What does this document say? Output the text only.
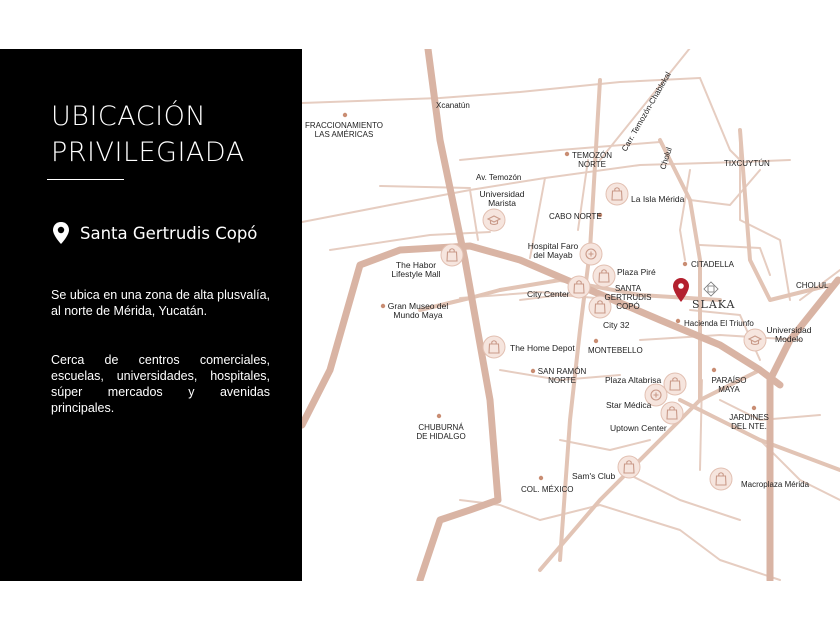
UBICACIÓN
PRIVILEGIADA
Santa Gertrudis Copó

Se ubica en una zona de alta plusvalía, al norte de Mérida, Yucatán.

Cerca de centros comerciales, escuelas, universidades, hospitales, súper mercados y avenidas principales.

Xcanatún	Carr. Temozón-Chablekal
Cholul
Av. Temozón
FRACCIONAMIENTO
LAS AMÉRICAS
TEMOZÓN
NORTE
Universidad
Marista
Hospital Faro
del Mayab
The Habor
Lifestyle Mall
SANTA
GERTRUDIS
COPÓ
Gran Museo del
Mundo Maya
Universidad
Modelo
SAN RAMÓN
NORTE	PARAÍSO
MAYA
JARDINES
DEL NTE.
CHUBURNÁ
DE HIDALGO
TIXCUYTÚN
La Isla Mérida
CABO NORTE
CITADELLA
Plaza Piré
City Center
CHOLUL
Hacienda El Triunfo
City 32
The Home Depot MONTEBELLO
Plaza Altabrisa
Star Médica
Uptown Center
Sam's Club
Macroplaza Mérida
COL. MÉXICO
SLAKA
